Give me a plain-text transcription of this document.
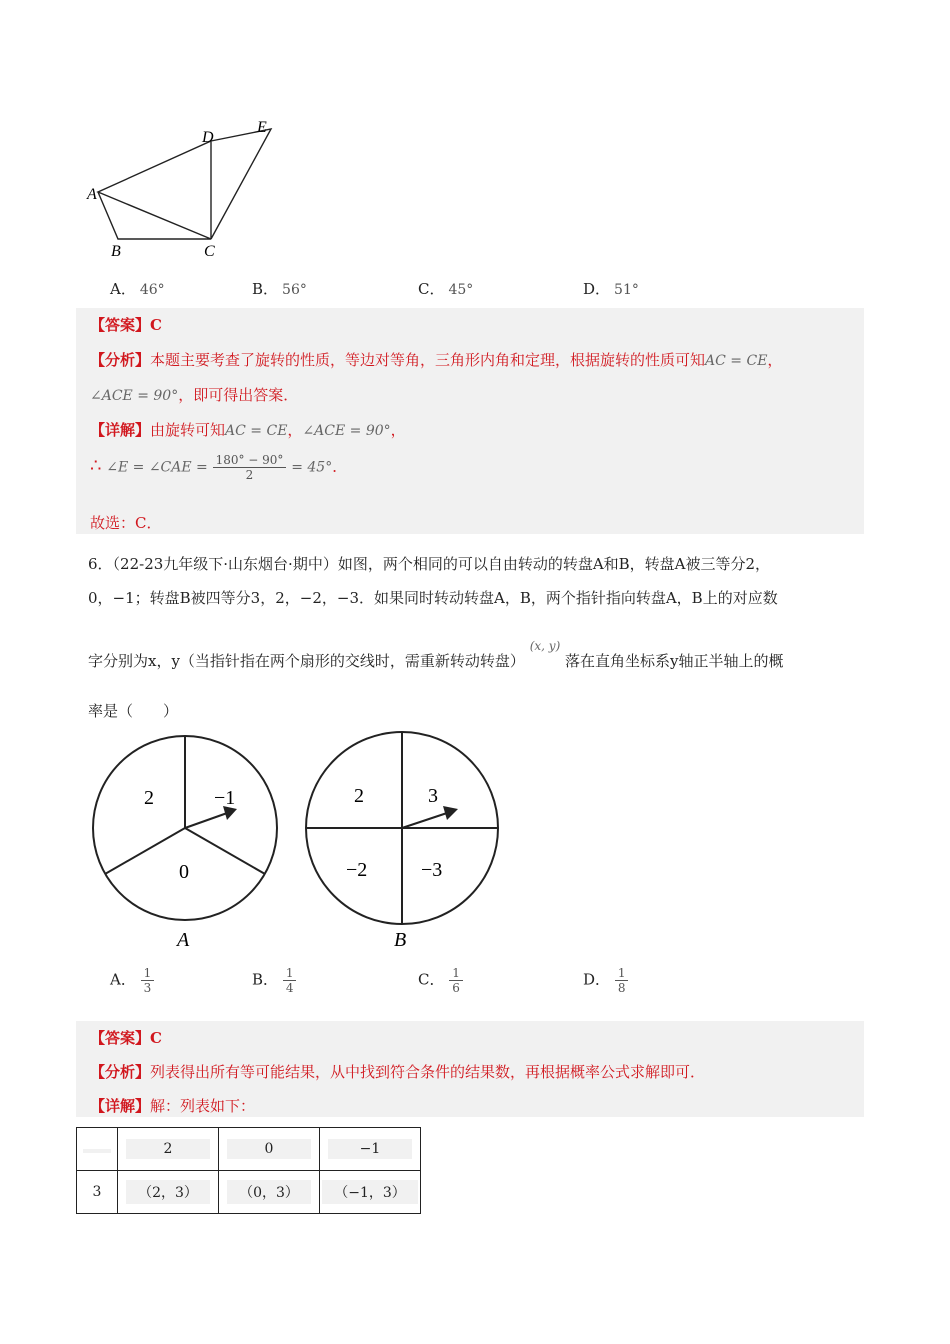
A
B	C
D
E
A． 46°	B． 56°	C． 45°	D． 51°
【答案】C
【分析】本题主要考查了旋转的性质，等边对等角，三角形内角和定理，根据旋转的性质可知AC = CE，
∠ACE = 90°，即可得出答案．
【详解】由旋转可知AC = CE，∠ACE = 90°，
∴ ∠E = ∠CAE = $\frac{180^\circ - 90^\circ}{2} = 45^\circ$．
故选：C．
6．（22-23九年级下·山东烟台·期中）如图，两个相同的可以自由转动的转盘A和B，转盘A被三等分2，
0，−1；转盘B被四等分3，2，−2，−3．如果同时转动转盘A，B，两个指针指向转盘A，B上的对应数
字分别为x，y（当指针指在两个扇形的交线时，需重新转动转盘） $^{(x, y)}$ 落在直角坐标系y轴正半轴上的概
率是（　　）
2	−1
0
A
2	3
−2	−3
B
A． $\frac{1}{3}$	B． $\frac{1}{4}$	C． $\frac{1}{6}$	D． $\frac{1}{8}$
【答案】C
【分析】列表得出所有等可能结果，从中找到符合条件的结果数，再根据概率公式求解即可．
【详解】解：列表如下：
	2	0	−1
3	（2，3）	（0，3）	（−1，3）
